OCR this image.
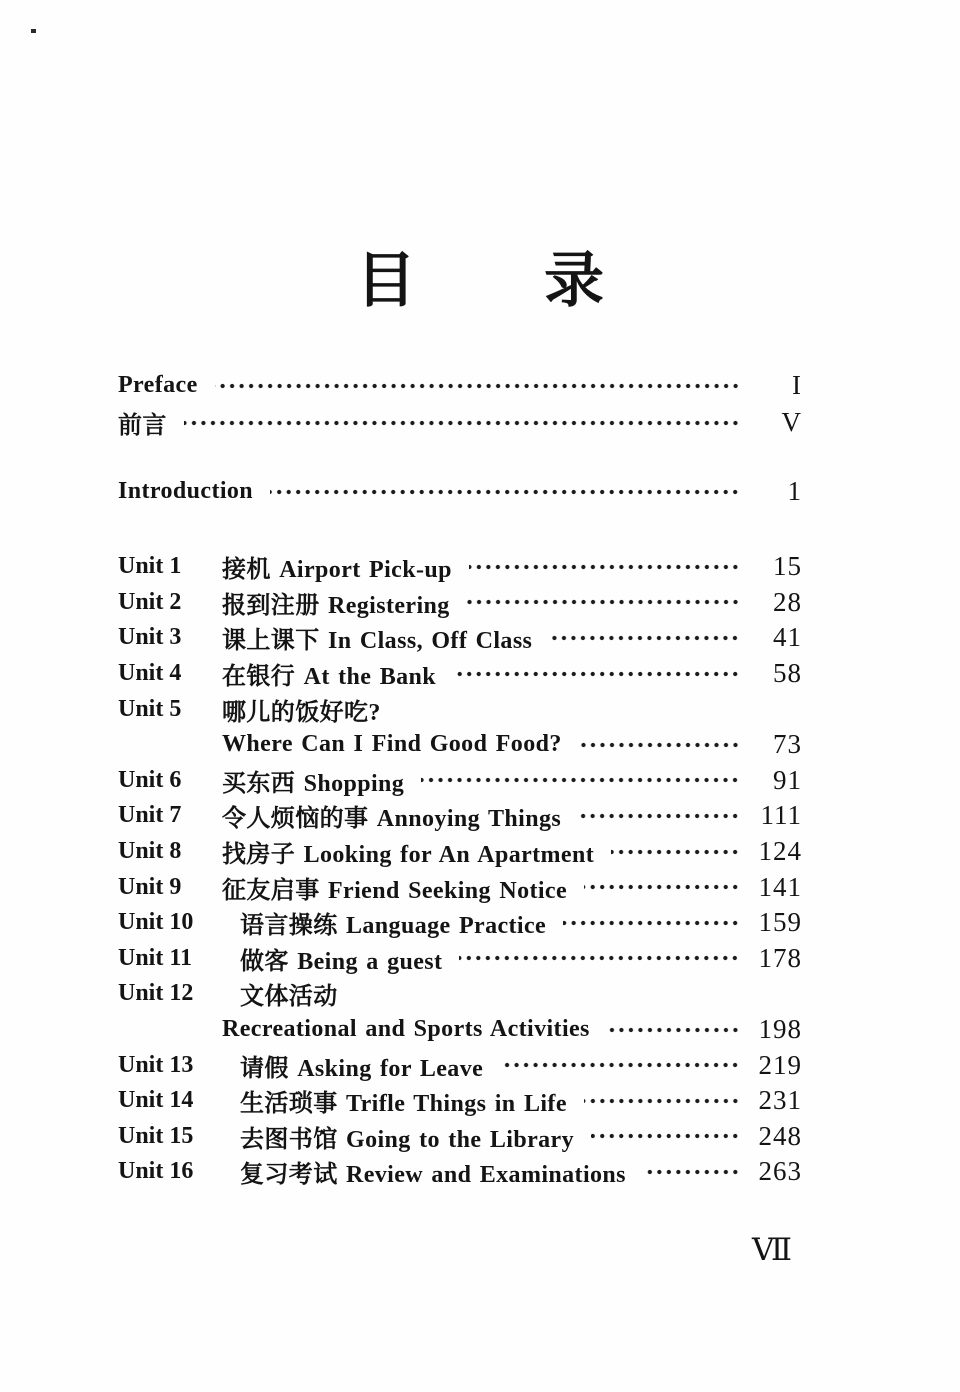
目 录
Preface	I
前言	V
Introduction	1
Unit 1	接机 Airport Pick-up	15
Unit 2	报到注册 Registering	28
Unit 3	课上课下 In Class, Off Class	41
Unit 4	在银行 At the Bank	58
Unit 5	哪儿的饭好吃?
Where Can I Find Good Food?	73
Unit 6	买东西 Shopping	91
Unit 7	令人烦恼的事 Annoying Things	111
Unit 8	找房子 Looking for An Apartment	124
Unit 9	征友启事 Friend Seeking Notice	141
Unit 10	语言操练 Language Practice	159
Unit 11	做客 Being a guest	178
Unit 12	文体活动
Recreational and Sports Activities	198
Unit 13	请假 Asking for Leave	219
Unit 14	生活琐事 Trifle Things in Life	231
Unit 15	去图书馆 Going to the Library	248
Unit 16	复习考试 Review and Examinations	263
Ⅶ
